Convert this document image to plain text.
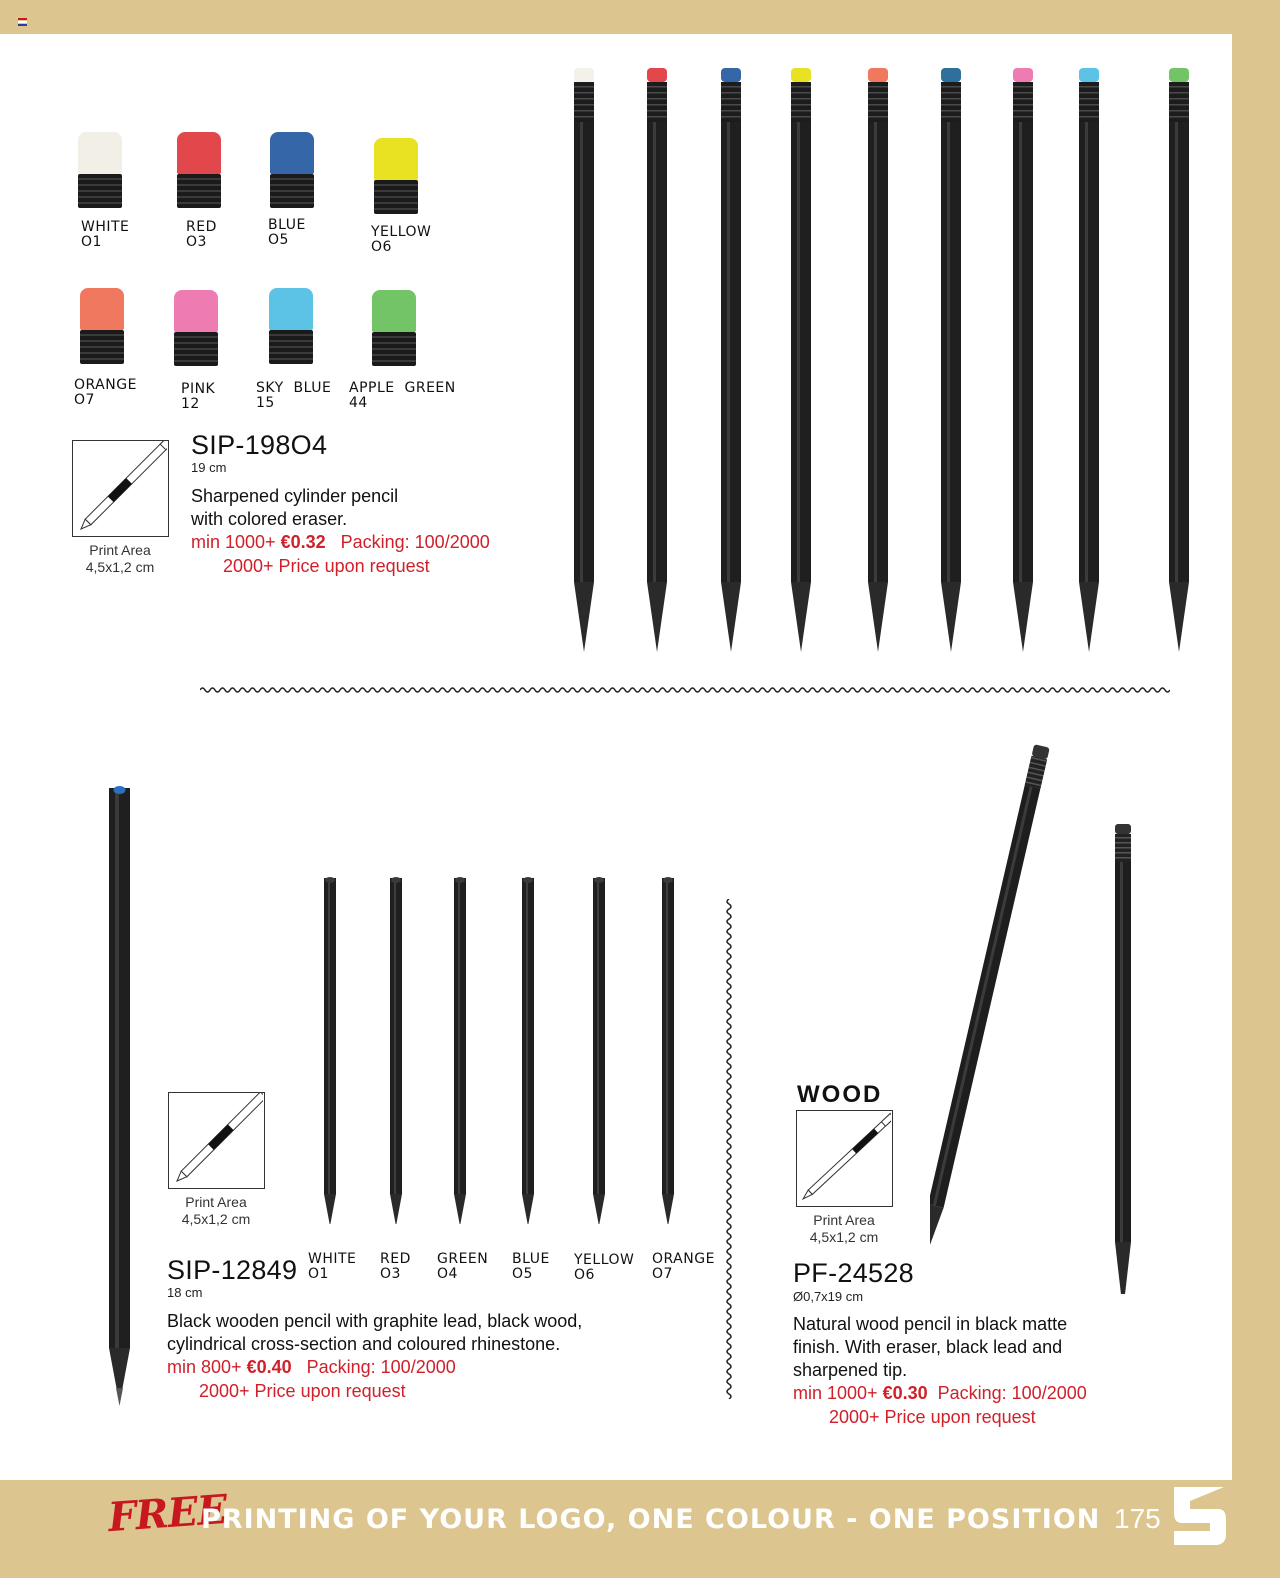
WHITE
O1
RED
O3
BLUE
O5	YELLOW
O6
ORANGE
O7
PINK
12
SKY  BLUE
15
APPLE  GREEN
44
Print Area
4,5x1,2 cm
SIP-198O4
19 cm
Sharpened cylinder pencil
with colored eraser.
min 1000+ €0.32 Packing: 100/2000
2000+ Price upon request
WHITE
O1
RED
O3
GREEN
O4
BLUE
O5
YELLOW
O6
ORANGE
O7
Print Area
4,5x1,2 cm
SIP-12849
18 cm
Black wooden pencil with graphite lead, black wood,
cylindrical cross-section and coloured rhinestone.
min 800+ €0.40 Packing: 100/2000
2000+ Price upon request
WOOD
Print Area
4,5x1,2 cm
PF-24528
Ø0,7x19 cm
Natural wood pencil in black matte
finish. With eraser, black lead and
sharpened tip.
min 1000+ €0.30 Packing: 100/2000
2000+ Price upon request
FREE
PRINTING OF YOUR LOGO, ONE COLOUR - ONE POSITION 175
